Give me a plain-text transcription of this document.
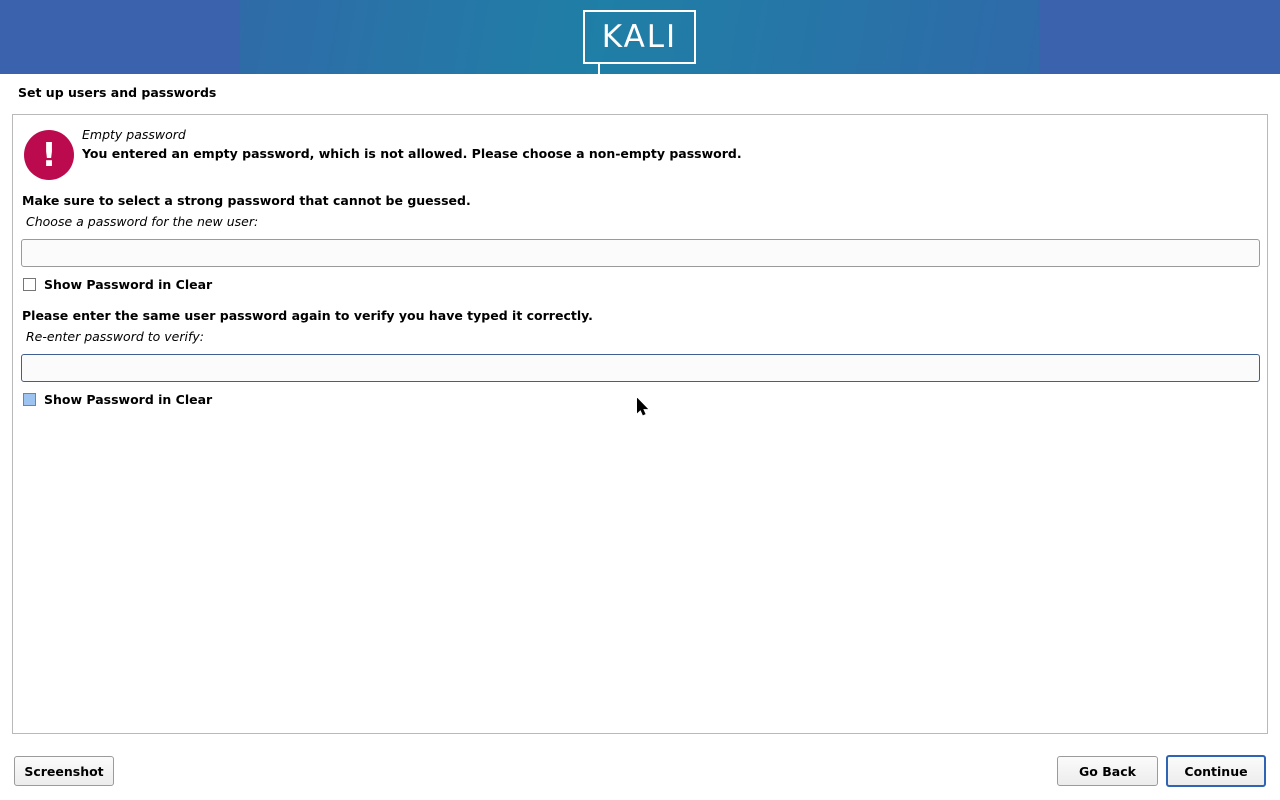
KALI
Set up users and passwords
!
Empty password
You entered an empty password, which is not allowed. Please choose a non-empty password.
Make sure to select a strong password that cannot be guessed.
Choose a password for the new user:
Show Password in Clear
Please enter the same user password again to verify you have typed it correctly.
Re-enter password to verify:
Show Password in Clear
Screenshot	Go Back	Continue
